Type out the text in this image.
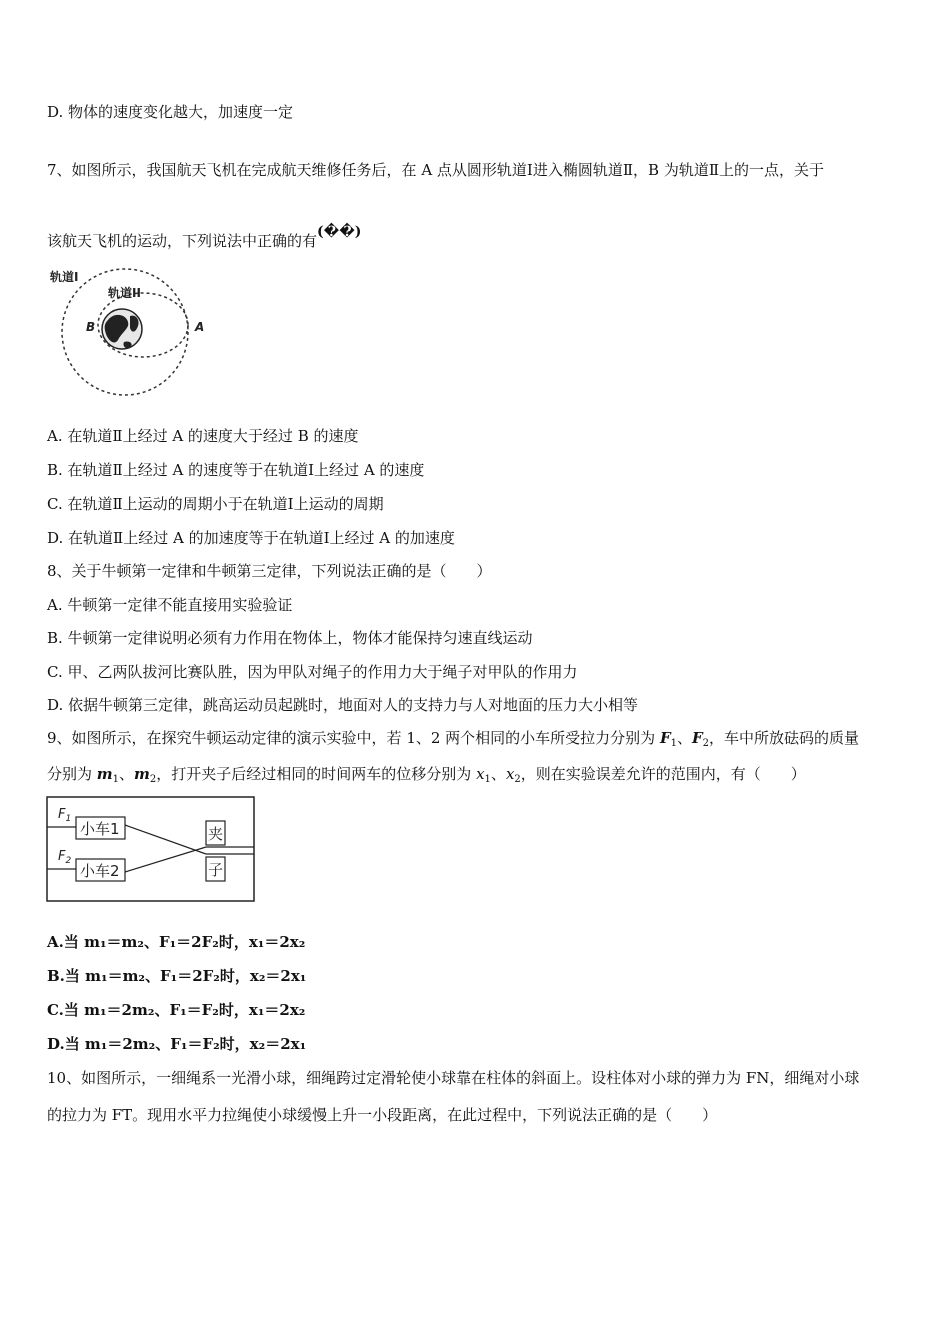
D. 物体的速度变化越大，加速度一定
7、如图所示，我国航天飞机在完成航天维修任务后，在 A 点从圆形轨道Ⅰ进入椭圆轨道Ⅱ，B 为轨道Ⅱ上的一点，关于
该航天飞机的运动，下列说法中正确的有(��)
轨道I
轨道II
B	A
A. 在轨道Ⅱ上经过 A 的速度大于经过 B 的速度
B. 在轨道Ⅱ上经过 A 的速度等于在轨道Ⅰ上经过 A 的速度
C. 在轨道Ⅱ上运动的周期小于在轨道Ⅰ上运动的周期
D. 在轨道Ⅱ上经过 A 的加速度等于在轨道Ⅰ上经过 A 的加速度
8、关于牛顿第一定律和牛顿第三定律，下列说法正确的是（　　）
A. 牛顿第一定律不能直接用实验验证
B. 牛顿第一定律说明必须有力作用在物体上，物体才能保持匀速直线运动
C. 甲、乙两队拔河比赛队胜，因为甲队对绳子的作用力大于绳子对甲队的作用力
D. 依据牛顿第三定律，跳高运动员起跳时，地面对人的支持力与人对地面的压力大小相等
9、如图所示，在探究牛顿运动定律的演示实验中，若 1、2 两个相同的小车所受拉力分别为 $F_1$、$F_2$，车中所放砝码的质量
分别为 $m_1$、$m_2$，打开夹子后经过相同的时间两车的位移分别为 $x_1$、$x_2$，则在实验误差允许的范围内，有（　　）
$F_1$
$F_2$
小车1
小车2
夹
子
A.当 m₁＝m₂、F₁＝2F₂时，x₁＝2x₂
B.当 m₁＝m₂、F₁＝2F₂时，x₂＝2x₁
C.当 m₁＝2m₂、F₁＝F₂时，x₁＝2x₂
D.当 m₁＝2m₂、F₁＝F₂时，x₂＝2x₁
10、如图所示，一细绳系一光滑小球，细绳跨过定滑轮使小球靠在柱体的斜面上。设柱体对小球的弹力为 FN，细绳对小球
的拉力为 FT。现用水平力拉绳使小球缓慢上升一小段距离，在此过程中，下列说法正确的是（　　）
